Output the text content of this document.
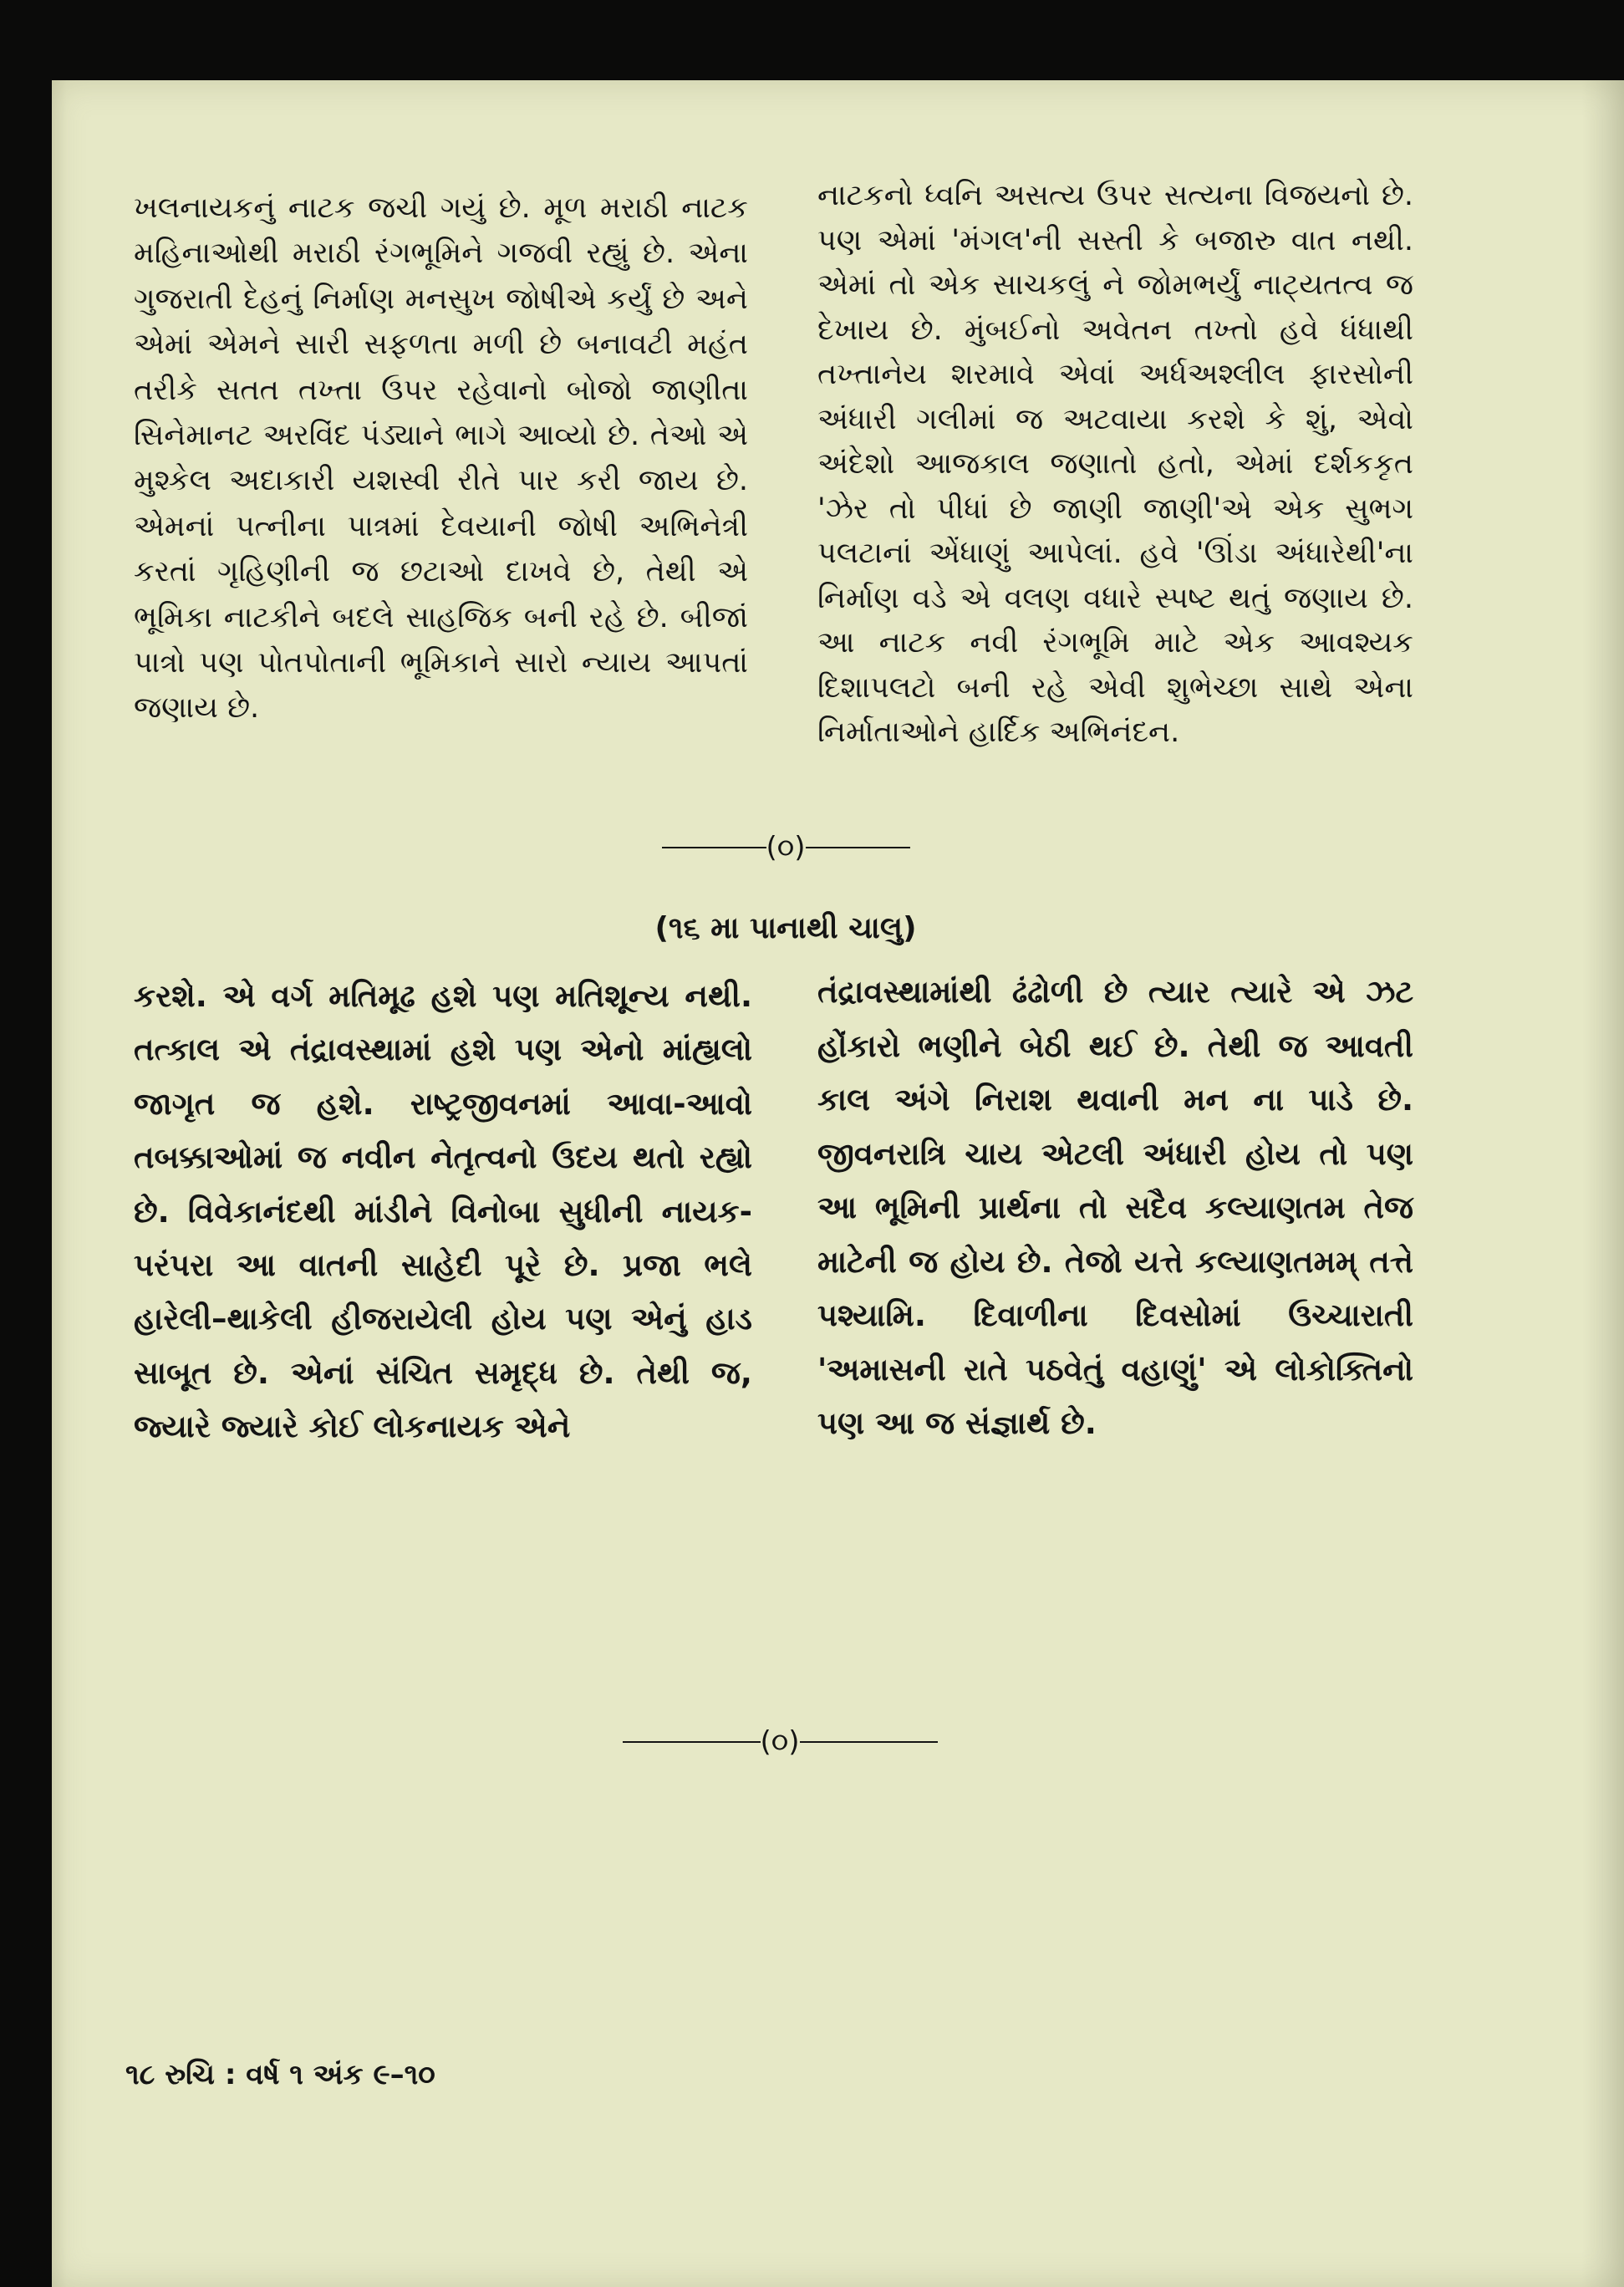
ખલનાયકનું નાટક જચી ગયું છે. મૂળ મરાઠી નાટક મહિનાઓથી મરાઠી રંગભૂમિને ગજવી રહ્યું છે. એના ગુજરાતી દેહનું નિર્માણ મનસુખ જોષીએ કર્યું છે અને એમાં એમને સારી સફળતા મળી છે બનાવટી મહંત તરીકે સતત તખ્તા ઉપર રહેવાનો બોજો જાણીતા સિનેમાનટ અરવિંદ પંડ્યાને ભાગે આવ્યો છે. તેઓ એ મુશ્કેલ અદાકારી યશસ્વી રીતે પાર કરી જાય છે. એમનાં પત્નીના પાત્રમાં દેવયાની જોષી અભિનેત્રી કરતાં ગૃહિણીની જ છટાઓ દાખવે છે, તેથી એ ભૂમિકા નાટકીને બદલે સાહજિક બની રહે છે. બીજાં પાત્રો પણ પોતપોતાની ભૂમિકાને સારો ન્યાય આપતાં જણાય છે.

નાટકનો ધ્વનિ અસત્ય ઉપર સત્યના વિજયનો છે. પણ એમાં 'મંગલ'ની સસ્તી કે બજારુ વાત નથી. એમાં તો એક સાચકલું ને જોમભર્યું નાટ્યતત્વ જ દેખાય છે. મુંબઈનો અવેતન તખ્તો હવે ધંધાથી તખ્તાનેય શરમાવે એવાં અર્ધઅશ્લીલ ફારસોની અંધારી ગલીમાં જ અટવાયા કરશે કે શું, એવો અંદેશો આજકાલ જણાતો હતો, એમાં દર્શકકૃત 'ઝેર તો પીધાં છે જાણી જાણી'એ એક સુભગ પલટાનાં એંધાણું આપેલાં. હવે 'ઊંડા અંધારેથી'ના નિર્માણ વડે એ વલણ વધારે સ્પષ્ટ થતું જણાય છે. આ નાટક નવી રંગભૂમિ માટે એક આવશ્યક દિશાપલટો બની રહે એવી શુભેચ્છા સાથે એના નિર્માતાઓને હાર્દિક અભિનંદન.

(૦)
(૧૬ મા પાનાથી ચાલુ)

કરશે. એ વર્ગ મતિમૂઢ હશે પણ મતિશૂન્ય નથી. તત્કાલ એ તંદ્રાવસ્થામાં હશે પણ એનો માંહ્યલો જાગૃત જ હશે. રાષ્ટ્રજીવનમાં આવા-આવો તબક્કાઓમાં જ નવીન નેતૃત્વનો ઉદય થતો રહ્યો છે. વિવેકાનંદથી માંડીને વિનોબા સુધીની નાયક-પરંપરા આ વાતની સાહેદી પૂરે છે. પ્રજા ભલે હારેલી–થાકેલી હીજરાયેલી હોય પણ એનું હાડ સાબૂત છે. એનાં સંચિત સમૃદ્ધ છે. તેથી જ, જ્યારે જ્યારે કોઈ લોકનાયક એને

તંદ્રાવસ્થામાંથી ઢંઢોળી છે ત્યાર ત્યારે એ ઝટ હોંકારો ભણીને બેઠી થઈ છે. તેથી જ આવતી કાલ અંગે નિરાશ થવાની મન ના પાડે છે. જીવનરાત્રિ ચાય એટલી અંધારી હોય તો પણ આ ભૂમિની પ્રાર્થના તો સદૈવ કલ્યાણતમ તેજ માટેની જ હોય છે. તેજો યત્તે કલ્યાણતમમ્ તત્તે પશ્યામિ. દિવાળીના દિવસોમાં ઉચ્ચારાતી 'અમાસની રાતે પઠવેતું વહાણું' એ લોકોક્તિનો પણ આ જ સંજ્ઞાર્થ છે.

(૦)
૧૮ રુચિ : વર્ષ ૧ અંક ૯–૧૦
